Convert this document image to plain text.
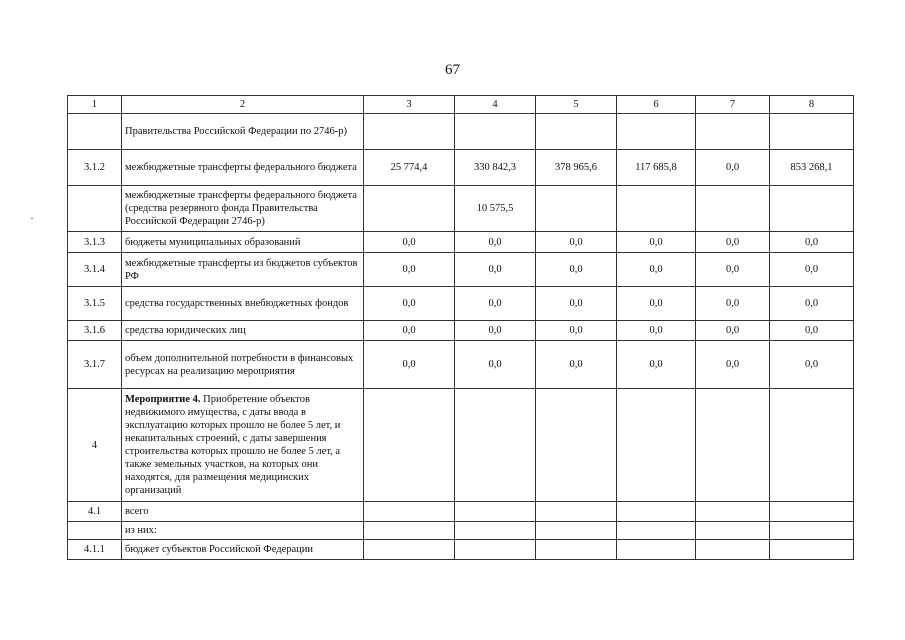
67
1	2	3	4	5	6	7	8
	Правительства Российской Федерации по 2746-р)						
3.1.2	межбюджетные трансферты федерального бюджета	25 774,4	330 842,3	378 965,6	117 685,8	0,0	853 268,1
	межбюджетные трансферты федерального бюджета (средства резервного фонда Правительства Российской Федерации 2746-р)		10 575,5				
3.1.3	бюджеты муниципальных образований	0,0	0,0	0,0	0,0	0,0	0,0
3.1.4	межбюджетные трансферты из бюджетов субъектов РФ	0,0	0,0	0,0	0,0	0,0	0,0
3.1.5	средства государственных внебюджетных фондов	0,0	0,0	0,0	0,0	0,0	0,0
3.1.6	средства юридических лиц	0,0	0,0	0,0	0,0	0,0	0,0
3.1.7	объем дополнительной потребности в финансовых ресурсах на реализацию мероприятия	0,0	0,0	0,0	0,0	0,0	0,0
4	Мероприятие 4. Приобретение объектов недвижимого имущества, с даты ввода в эксплуатацию которых прошло не более 5 лет, и некапитальных строений, с даты завершения строительства которых прошло не более 5 лет, а также земельных участков, на которых они находятся, для размещения медицинских организаций						
4.1	всего						
	из них:						
4.1.1	бюджет субъектов Российской Федерации						
